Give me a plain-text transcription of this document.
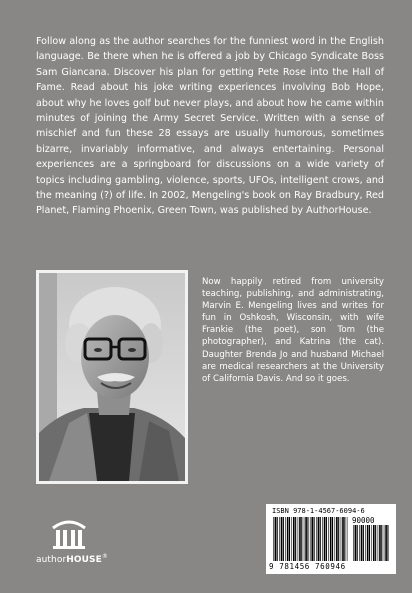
Follow along as the author searches for the funniest word in the English language. Be there when he is offered a job by Chicago Syndicate Boss Sam Giancana. Discover his plan for getting Pete Rose into the Hall of Fame. Read about his joke writing experiences involving Bob Hope, about why he loves golf but never plays, and about how he came within minutes of joining the Army Secret Service. Written with a sense of mischief and fun these 28 essays are usually humorous, sometimes bizarre, invariably informative, and always entertaining. Personal experiences are a springboard for discussions on a wide variety of topics including gambling, violence, sports, UFOs, intelligent crows, and the meaning (?) of life. In 2002, Mengeling's book on Ray Bradbury, Red Planet, Flaming Phoenix, Green Town, was published by AuthorHouse.

Now happily retired from university teaching, publishing, and administrating, Marvin E. Mengeling lives and writes for fun in Oshkosh, Wisconsin, with wife Frankie (the poet), son Tom (the photographer), and Katrina (the cat). Daughter Brenda Jo and husband Michael are medical researchers at the University of California Davis. And so it goes.

authorHOUSE®
ISBN 978-1-4567-6094-6
90000
9 781456 760946
